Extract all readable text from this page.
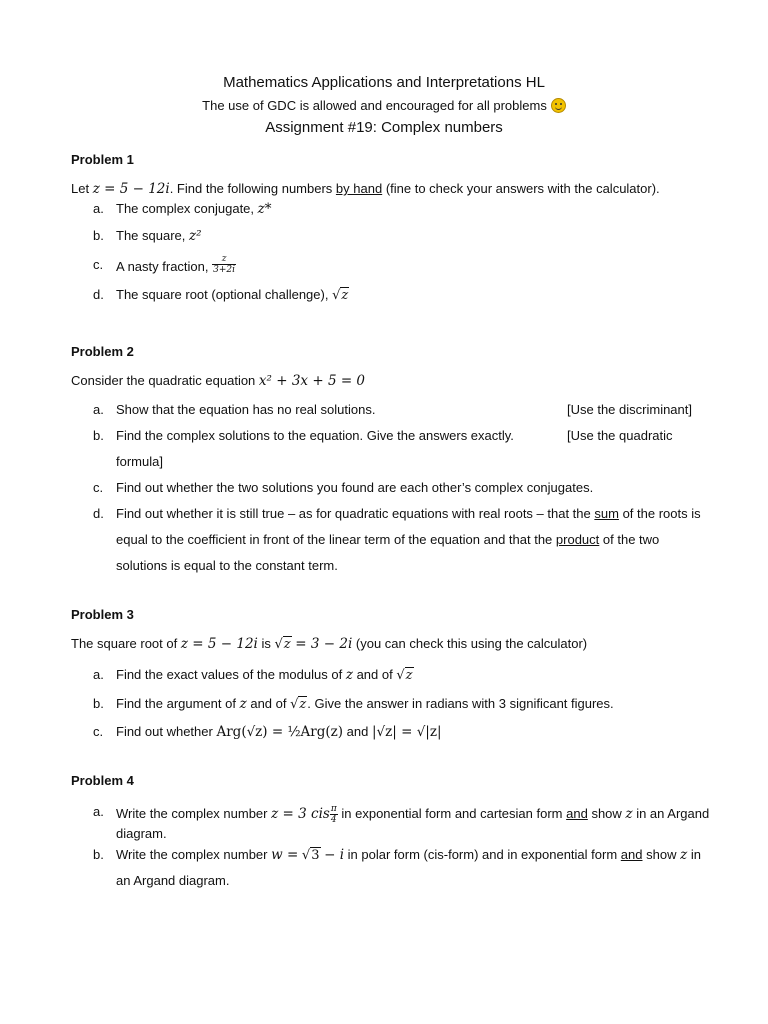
Mathematics Applications and Interpretations HL
The use of GDC is allowed and encouraged for all problems
Assignment #19: Complex numbers
Problem 1
Let z = 5 − 12i. Find the following numbers by hand (fine to check your answers with the calculator).
a. The complex conjugate, z*
b. The square, z²
c. A nasty fraction, $\frac{z}{3+2i}$
d. The square root (optional challenge), √z
Problem 2
Consider the quadratic equation x² + 3x + 5 = 0
a. Show that the equation has no real solutions.	[Use the discriminant]
b. Find the complex solutions to the equation. Give the answers exactly.	[Use the quadratic
formula]
c. Find out whether the two solutions you found are each other’s complex conjugates.
d. Find out whether it is still true – as for quadratic equations with real roots – that the sum of the roots is
equal to the coefficient in front of the linear term of the equation and that the product of the two
solutions is equal to the constant term.
Problem 3
The square root of z = 5 − 12i is √z = 3 − 2i (you can check this using the calculator)
a. Find the exact values of the modulus of z and of √z
b. Find the argument of z and of √z. Give the answer in radians with 3 significant figures.
c. Find out whether Arg(√z) = ½Arg(z) and |√z| = √|z|
Problem 4
a. Write the complex number z = 3 cis $\frac{\pi}{4}$ in exponential form and cartesian form and show z in an Argand
diagram.
b. Write the complex number w = √3 − i in polar form (cis-form) and in exponential form and show z in
an Argand diagram.
